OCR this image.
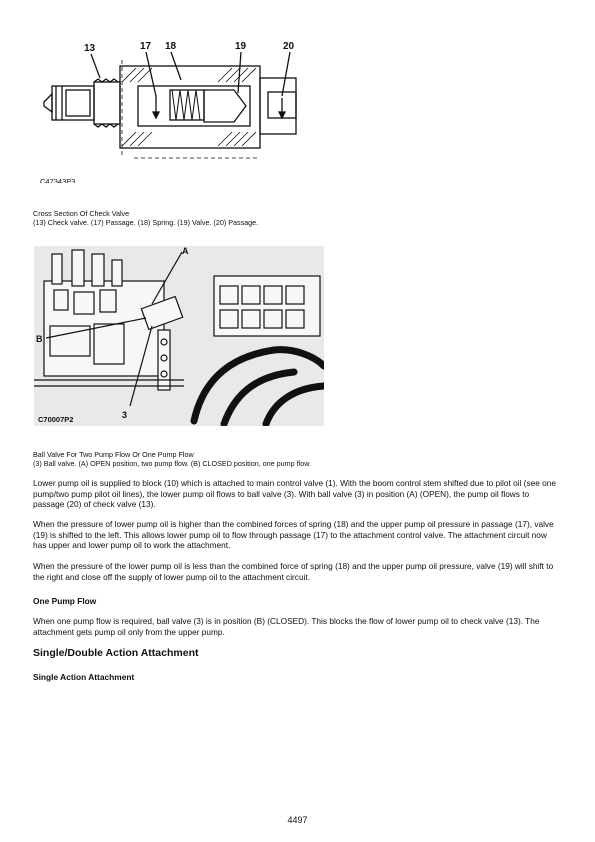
13	17 18	19	20
C47343P3
Cross Section Of Check Valve
(13) Check valve. (17) Passage. (18) Spring. (19) Valve. (20) Passage.
A
B
3
C70007P2
Ball Valve For Two Pump Flow Or One Pump Flow
(3) Ball valve. (A) OPEN position, two pump flow. (B) CLOSED position, one pump flow.

Lower pump oil is supplied to block (10) which is attached to main control valve (1). With the boom control stem shifted due to pilot oil (see one pump/two pump pilot oil lines), the lower pump oil flows to ball valve (3). With ball valve (3) in position (A) (OPEN), the pump oil flows to passage (20) of check valve (13).

When the pressure of lower pump oil is higher than the combined forces of spring (18) and the upper pump oil pressure in passage (17), valve (19) is shifted to the left. This allows lower pump oil to flow through passage (17) to the attachment control valve. The attachment circuit now has upper and lower pump oil to work the attachment.

When the pressure of the lower pump oil is less than the combined force of spring (18) and the upper pump oil pressure, valve (19) will shift to the right and close off the supply of lower pump oil to the attachment circuit.

One Pump Flow

When one pump flow is required, ball valve (3) is in position (B) (CLOSED). This blocks the flow of lower pump oil to check valve (13). The attachment gets pump oil only from the upper pump.

Single/Double Action Attachment
Single Action Attachment
4497
